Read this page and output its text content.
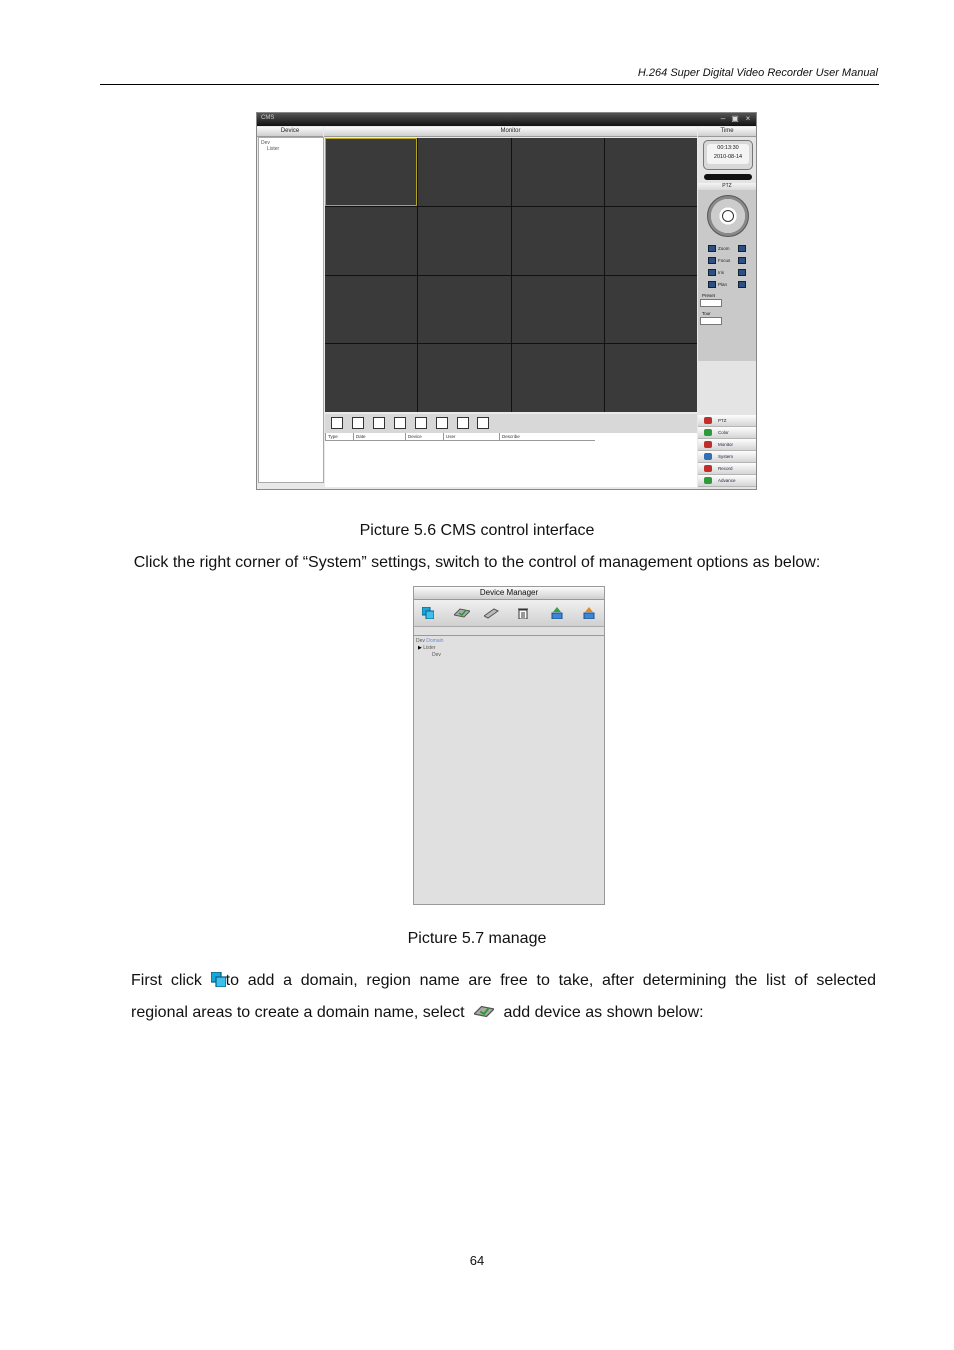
H.264 Super Digital Video Recorder User Manual
CMS	– ▣ ×
Device	Monitor	Time
Dev
Lister
Type	Date	Device	User	Describe
00:13:30
2010-08-14
PTZ
Zoom
Focus
Iris
Plan
Preset
Tour
PTZ
Color
Monitor
System
Record
Advance
Picture 5.6 CMS control interface
Click the right corner of “System” settings, switch to the control of management options as below:
Device Manager
Dev Domain
▶ Lister
Dev
Picture 5.7 manage
First click to add a domain, region name are free to take, after determining the list of selected
regional areas to create a domain name, select add device as shown below:
64
